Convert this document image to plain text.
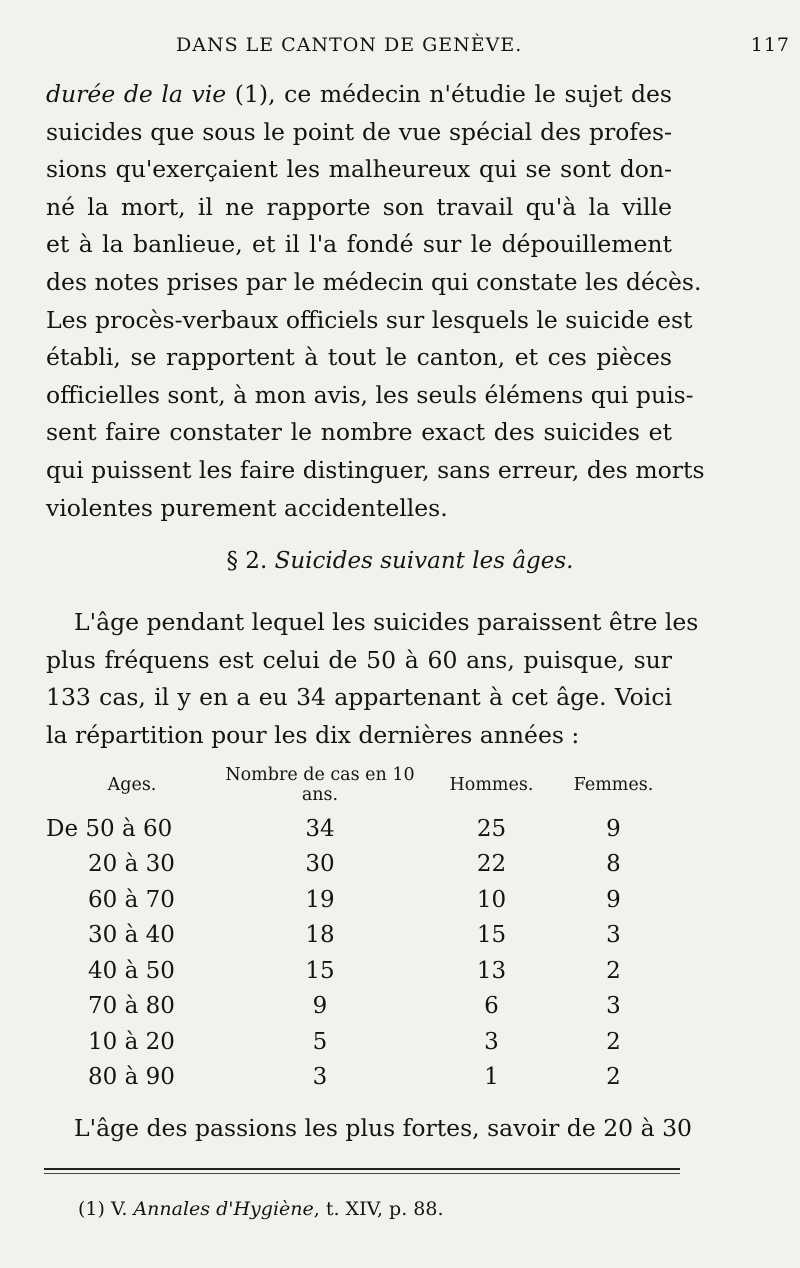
DANS LE CANTON DE GENÈVE.	117
durée de la vie (1), ce médecin n'étudie le sujet des
suicides que sous le point de vue spécial des profes-
sions qu'exerçaient les malheureux qui se sont don-
né la mort, il ne rapporte son travail qu'à la ville
et à la banlieue, et il l'a fondé sur le dépouillement
des notes prises par le médecin qui constate les décès.
Les procès-verbaux officiels sur lesquels le suicide est
établi, se rapportent à tout le canton, et ces pièces
officielles sont, à mon avis, les seuls élémens qui puis-
sent faire constater le nombre exact des suicides et
qui puissent les faire distinguer, sans erreur, des morts
violentes purement accidentelles.
§ 2. Suicides suivant les âges.
L'âge pendant lequel les suicides paraissent être les
plus fréquens est celui de 50 à 60 ans, puisque, sur
133 cas, il y en a eu 34 appartenant à cet âge. Voici
la répartition pour les dix dernières années :
Ages.	Nombre de cas en 10 ans.	Hommes.	Femmes.
De 50 à 60	34	25	9
20 à 30	30	22	8
60 à 70	19	10	9
30 à 40	18	15	3
40 à 50	15	13	2
70 à 80	9	6	3
10 à 20	5	3	2
80 à 90	3	1	2
L'âge des passions les plus fortes, savoir de 20 à 30
(1) V. Annales d'Hygiène, t. XIV, p. 88.
